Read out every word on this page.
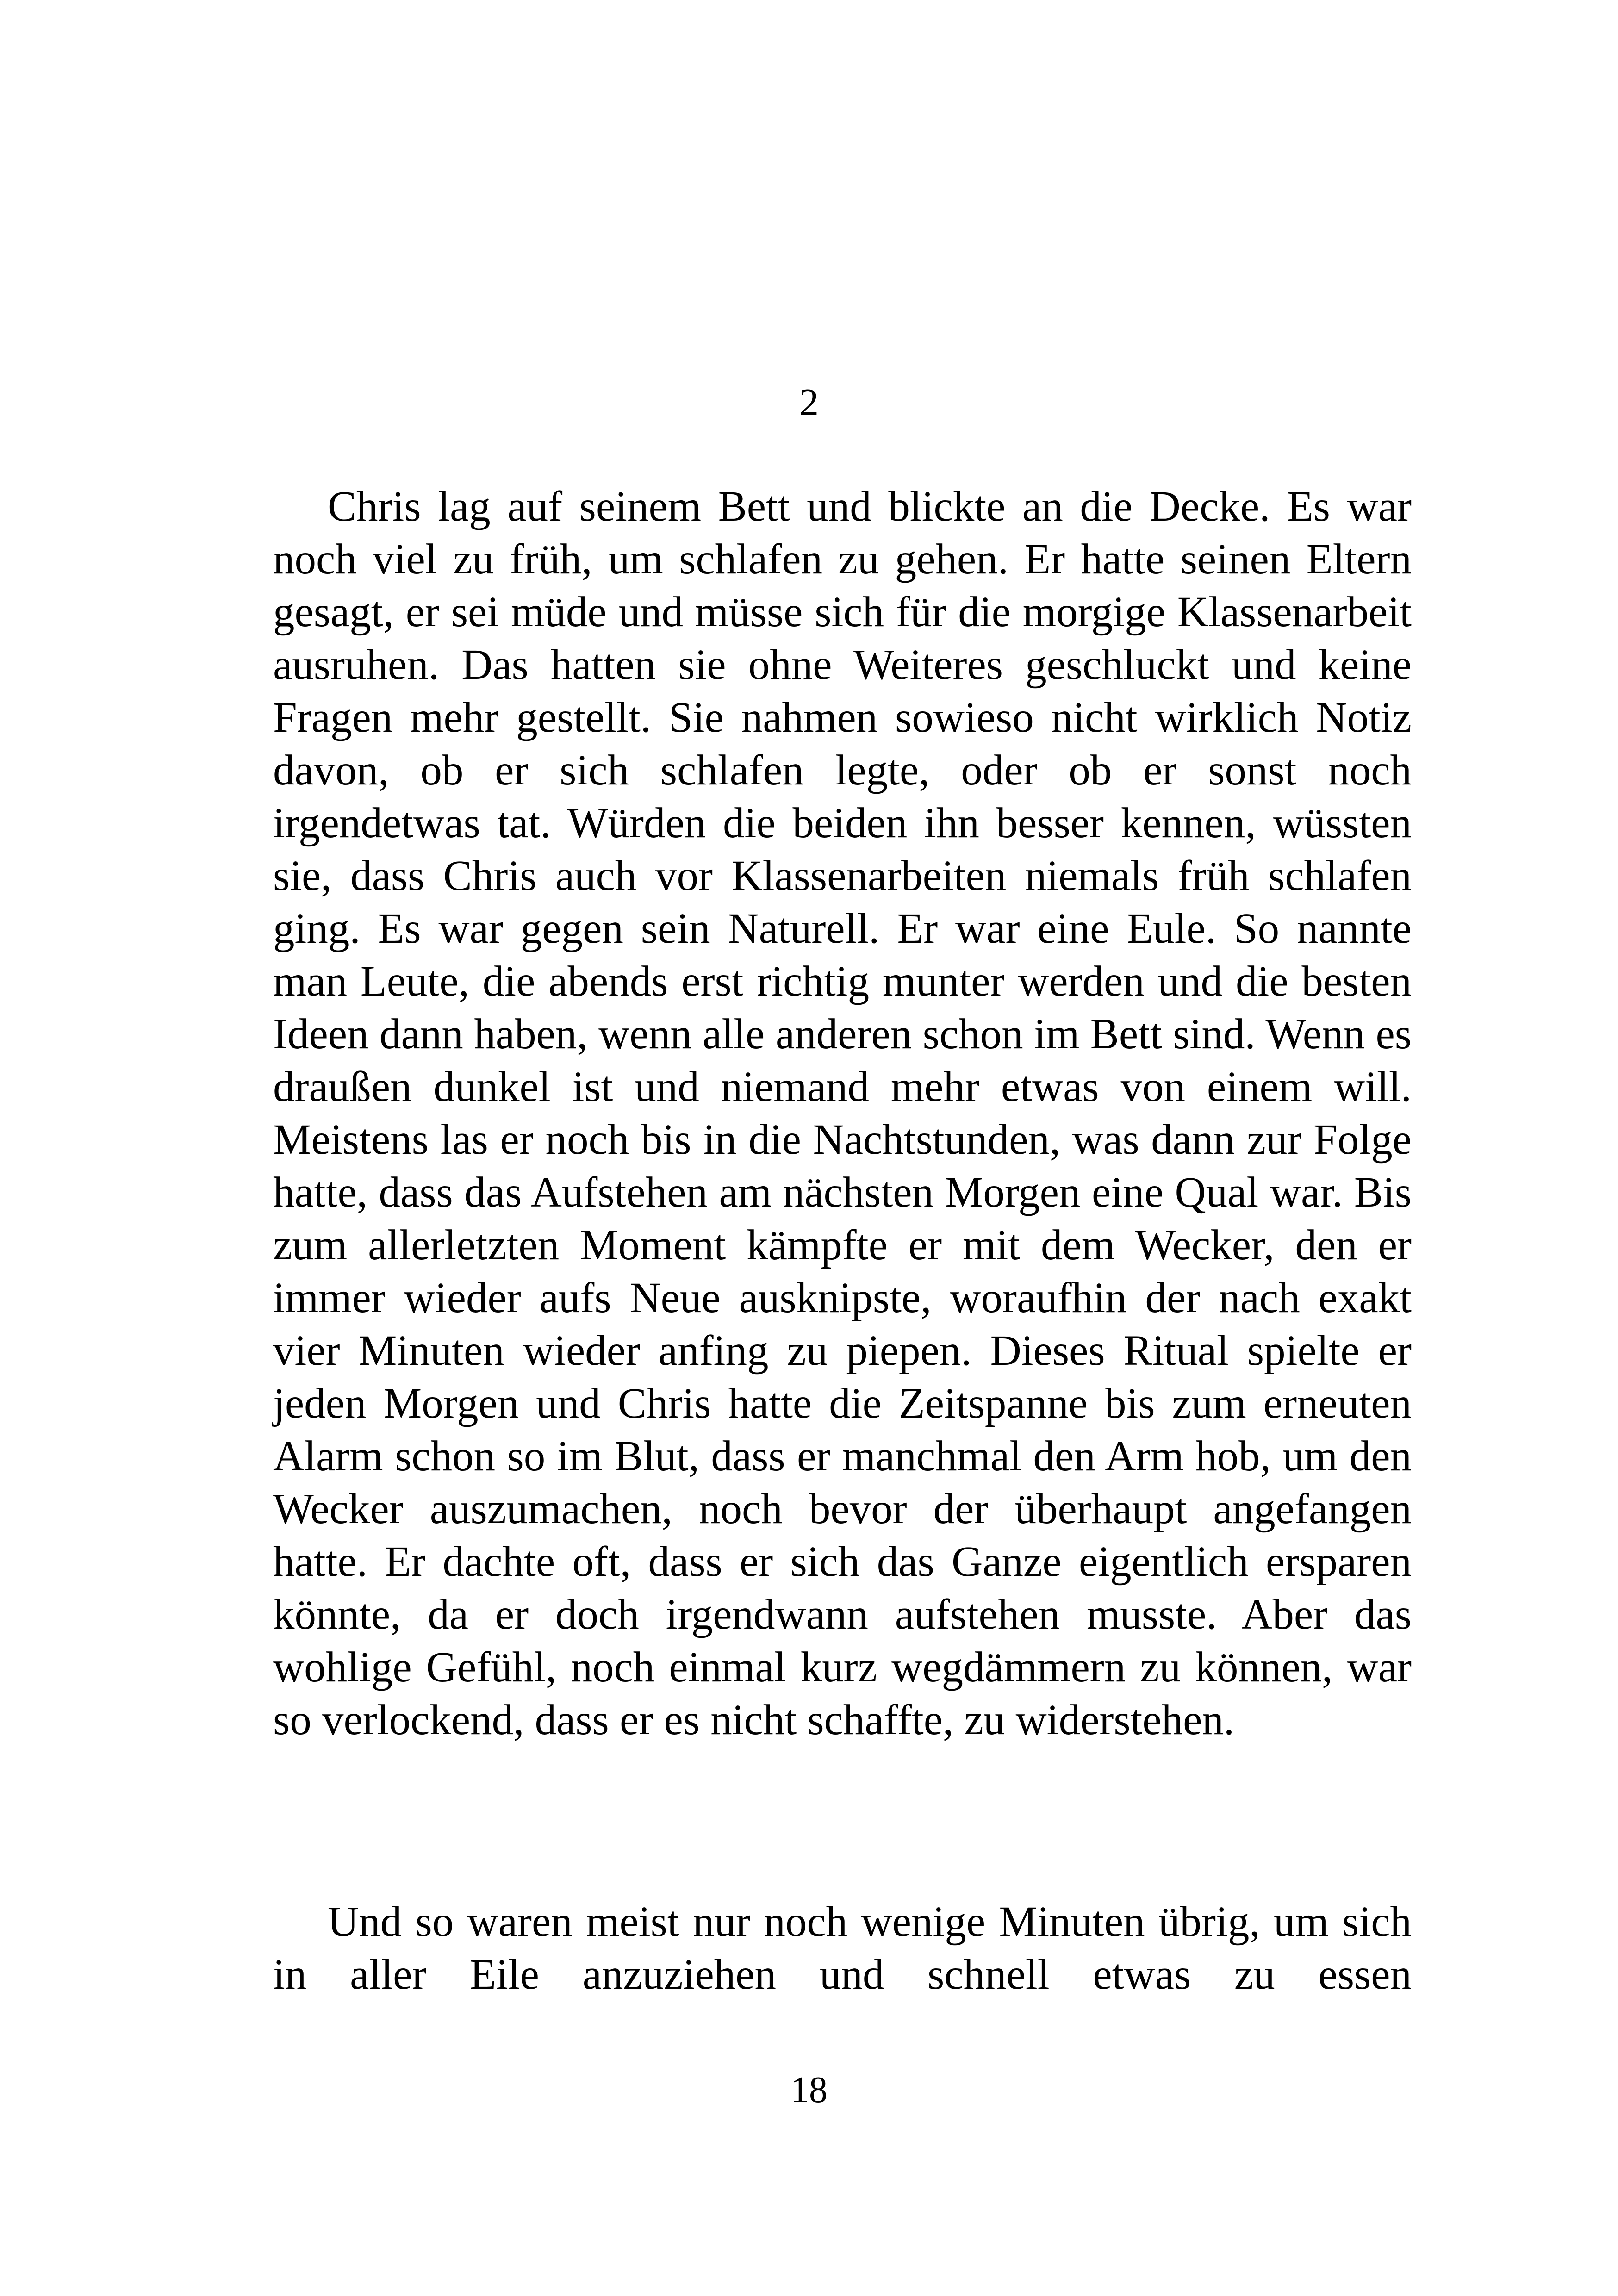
2

Chris lag auf seinem Bett und blickte an die Decke. Es war noch viel zu früh, um schlafen zu gehen. Er hatte seinen Eltern gesagt, er sei müde und müsse sich für die morgige Klassenarbeit ausruhen. Das hatten sie ohne Weiteres geschluckt und keine Fragen mehr gestellt. Sie nahmen sowieso nicht wirklich Notiz davon, ob er sich schlafen legte, oder ob er sonst noch irgendetwas tat. Würden die beiden ihn besser kennen, wüssten sie, dass Chris auch vor Klassenarbeiten niemals früh schlafen ging. Es war gegen sein Naturell. Er war eine Eule. So nannte man Leute, die abends erst richtig munter werden und die besten Ideen dann haben, wenn alle anderen schon im Bett sind. Wenn es draußen dunkel ist und niemand mehr etwas von einem will. Meistens las er noch bis in die Nachtstunden, was dann zur Folge hatte, dass das Aufstehen am nächsten Morgen eine Qual war. Bis zum allerletzten Moment kämpfte er mit dem Wecker, den er immer wieder aufs Neue ausknipste, woraufhin der nach exakt vier Minuten wieder anfing zu piepen. Dieses Ritual spielte er jeden Morgen und Chris hatte die Zeitspanne bis zum erneuten Alarm schon so im Blut, dass er manchmal den Arm hob, um den Wecker auszumachen, noch bevor der überhaupt angefangen hatte. Er dachte oft, dass er sich das Ganze eigentlich ersparen könnte, da er doch irgendwann aufstehen musste. Aber das wohlige Gefühl, noch einmal kurz wegdämmern zu können, war so verlockend, dass er es nicht schaffte, zu widerstehen.

Und so waren meist nur noch wenige Minuten übrig, um sich in aller Eile anzuziehen und schnell etwas zu essen

18
